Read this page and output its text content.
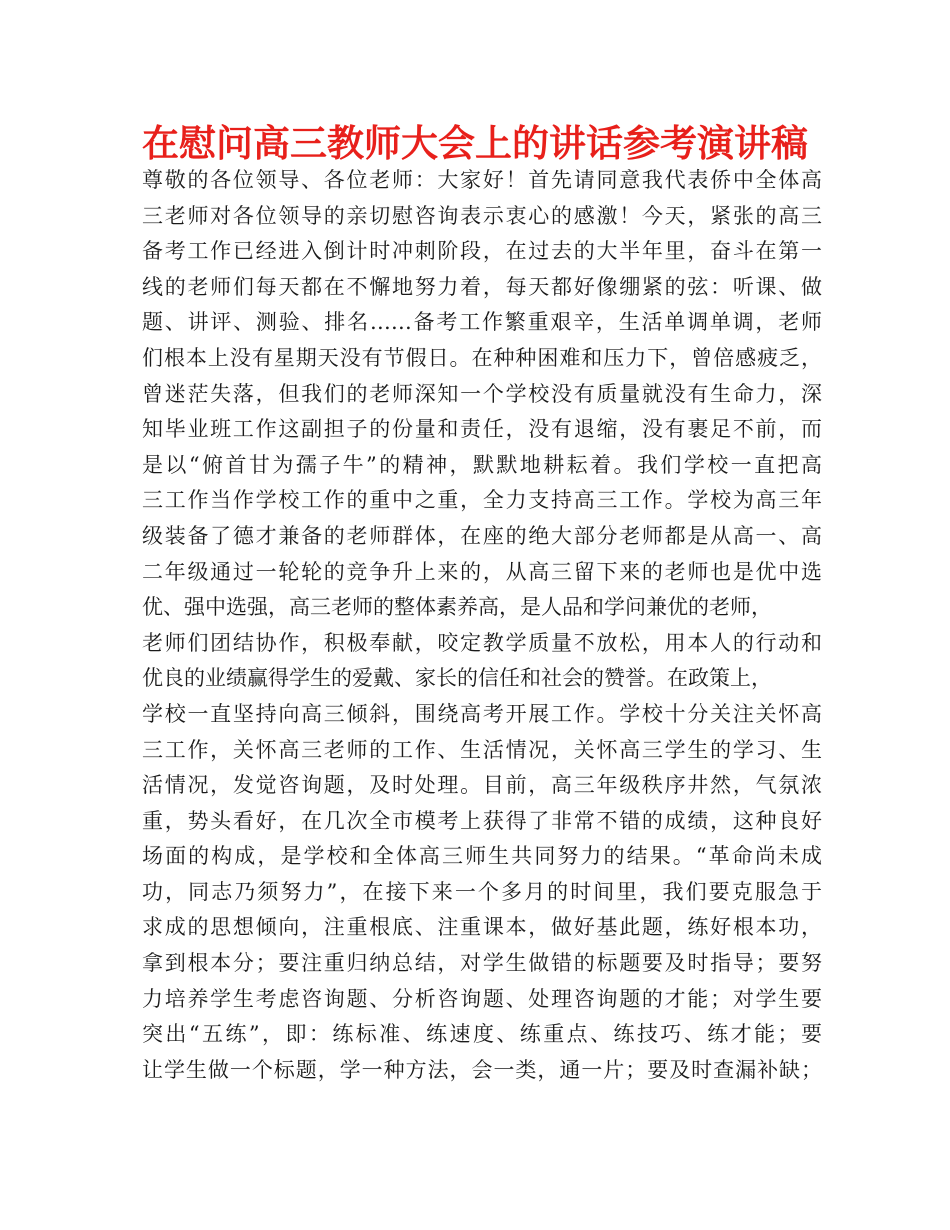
在慰问高三教师大会上的讲话参考演讲稿
尊敬的各位领导、各位老师：大家好！首先请同意我代表侨中全体高
三老师对各位领导的亲切慰咨询表示衷心的感激！今天，紧张的高三
备考工作已经进入倒计时冲刺阶段，在过去的大半年里，奋斗在第一
线的老师们每天都在不懈地努力着，每天都好像绷紧的弦：听课、做
题、讲评、测验、排名……备考工作繁重艰辛，生活单调单调，老师
们根本上没有星期天没有节假日。在种种困难和压力下，曾倍感疲乏，
曾迷茫失落，但我们的老师深知一个学校没有质量就没有生命力，深
知毕业班工作这副担子的份量和责任，没有退缩，没有裹足不前，而
是以“俯首甘为孺子牛”的精神，默默地耕耘着。我们学校一直把高
三工作当作学校工作的重中之重，全力支持高三工作。学校为高三年
级装备了德才兼备的老师群体，在座的绝大部分老师都是从高一、高
二年级通过一轮轮的竞争升上来的，从高三留下来的老师也是优中选
优、强中选强，高三老师的整体素养高，是人品和学问兼优的老师，
老师们团结协作，积极奉献，咬定教学质量不放松，用本人的行动和
优良的业绩赢得学生的爱戴、家长的信任和社会的赞誉。在政策上，
学校一直坚持向高三倾斜，围绕高考开展工作。学校十分关注关怀高
三工作，关怀高三老师的工作、生活情况，关怀高三学生的学习、生
活情况，发觉咨询题，及时处理。目前，高三年级秩序井然，气氛浓
重，势头看好，在几次全市模考上获得了非常不错的成绩，这种良好
场面的构成，是学校和全体高三师生共同努力的结果。“革命尚未成
功，同志乃须努力”，在接下来一个多月的时间里，我们要克服急于
求成的思想倾向，注重根底、注重课本，做好基此题，练好根本功，
拿到根本分；要注重归纳总结，对学生做错的标题要及时指导；要努
力培养学生考虑咨询题、分析咨询题、处理咨询题的才能；对学生要
突出“五练”，即：练标准、练速度、练重点、练技巧、练才能；要
让学生做一个标题，学一种方法，会一类，通一片；要及时查漏补缺；
